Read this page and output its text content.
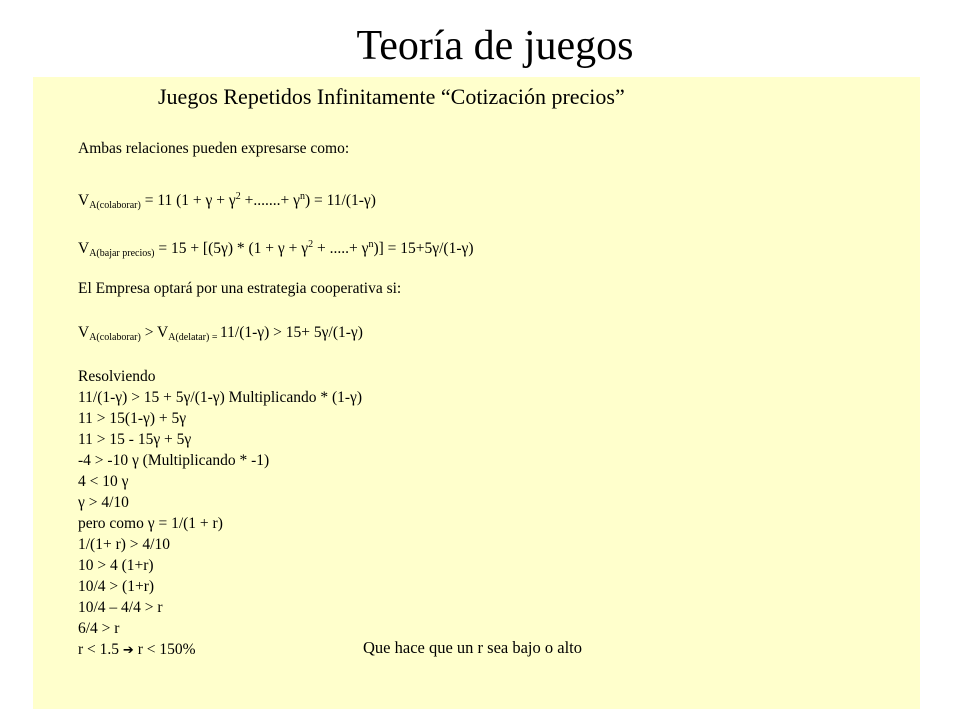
Teoría de juegos
Juegos Repetidos Infinitamente “Cotización precios”
Ambas relaciones pueden expresarse como:
$V_{A(colaborar)} = 11$ ($1 + \gamma + \gamma^2$ +.......+ $\gamma^n) = 11/(1-\gamma)$
$V_{A(bajar precios)} = 15 + [(5\gamma) * (1 + \gamma + \gamma^2$ + .....+ $\gamma^n)] = 15+5\gamma/(1-\gamma)$
El Empresa optará por una estrategia cooperativa si:
$V_{A(colaborar)} > V_{A(delatar)}$ $_=$ 11/(1-γ) > 15+ 5γ/(1-γ)
Resolviendo
11/(1-γ) > 15 + 5γ/(1-γ) Multiplicando * (1-γ)
11 > 15(1-γ) + 5γ
11 > 15 - 15γ + 5γ
-4 > -10 γ (Multiplicando * -1)
4 < 10 γ
γ > 4/10
pero como γ = 1/(1 + r)
1/(1+ r) > 4/10
10 > 4 (1+r)
10/4 > (1+r)
10/4 – 4/4 > r
6/4 > r
r < 1.5 ➔ r < 150%	Que hace que un r sea bajo o alto
